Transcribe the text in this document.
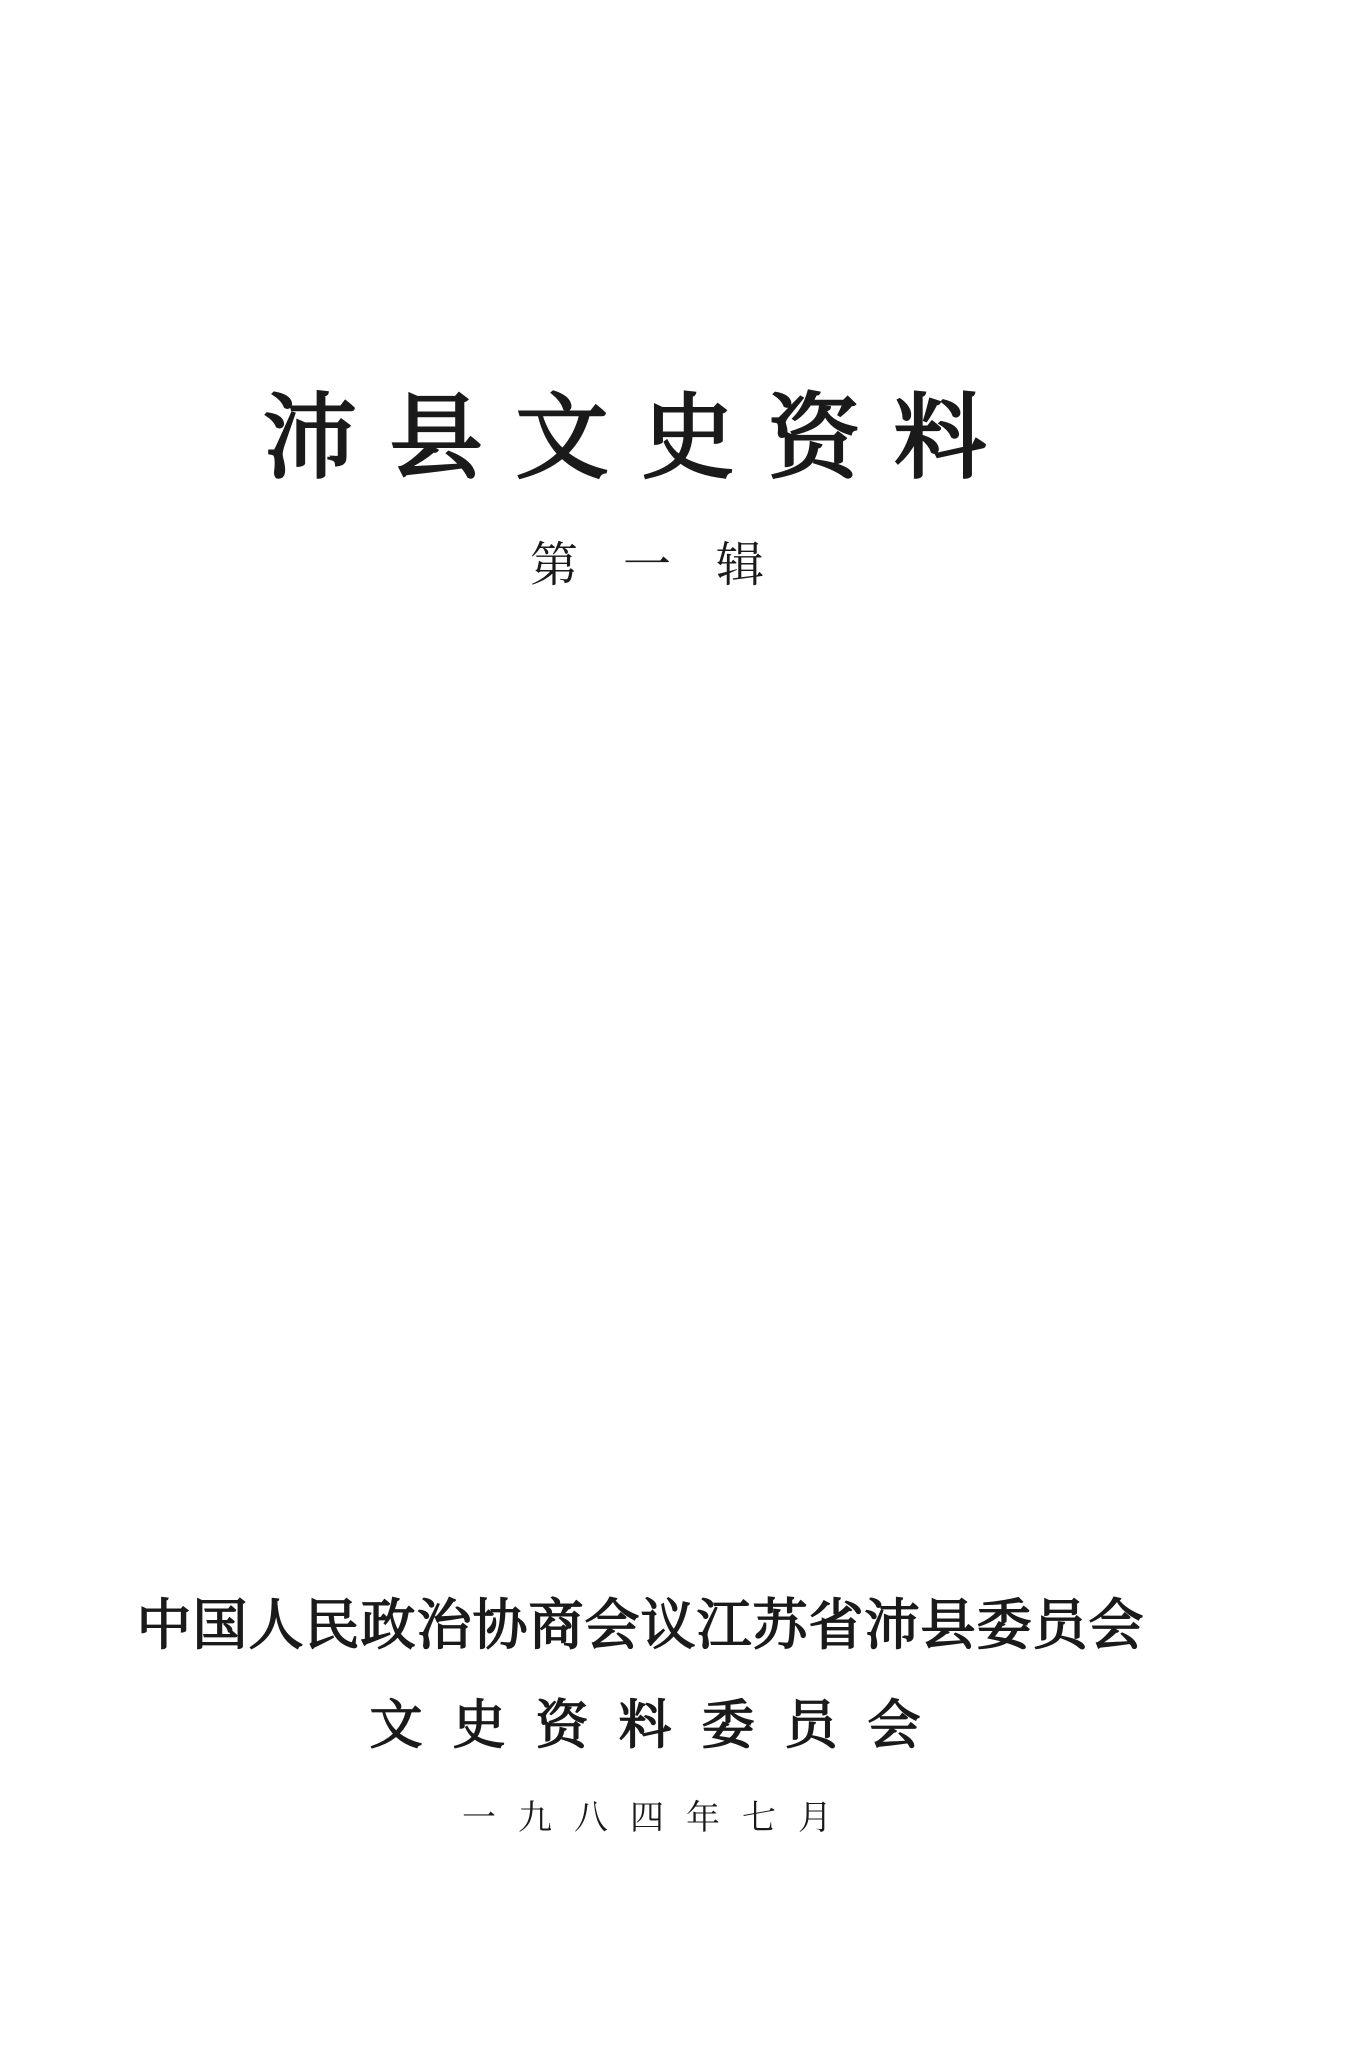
沛县文史资料
第一辑
中国人民政治协商会议江苏省沛县委员会
文史资料委员会
一九八四年七月
